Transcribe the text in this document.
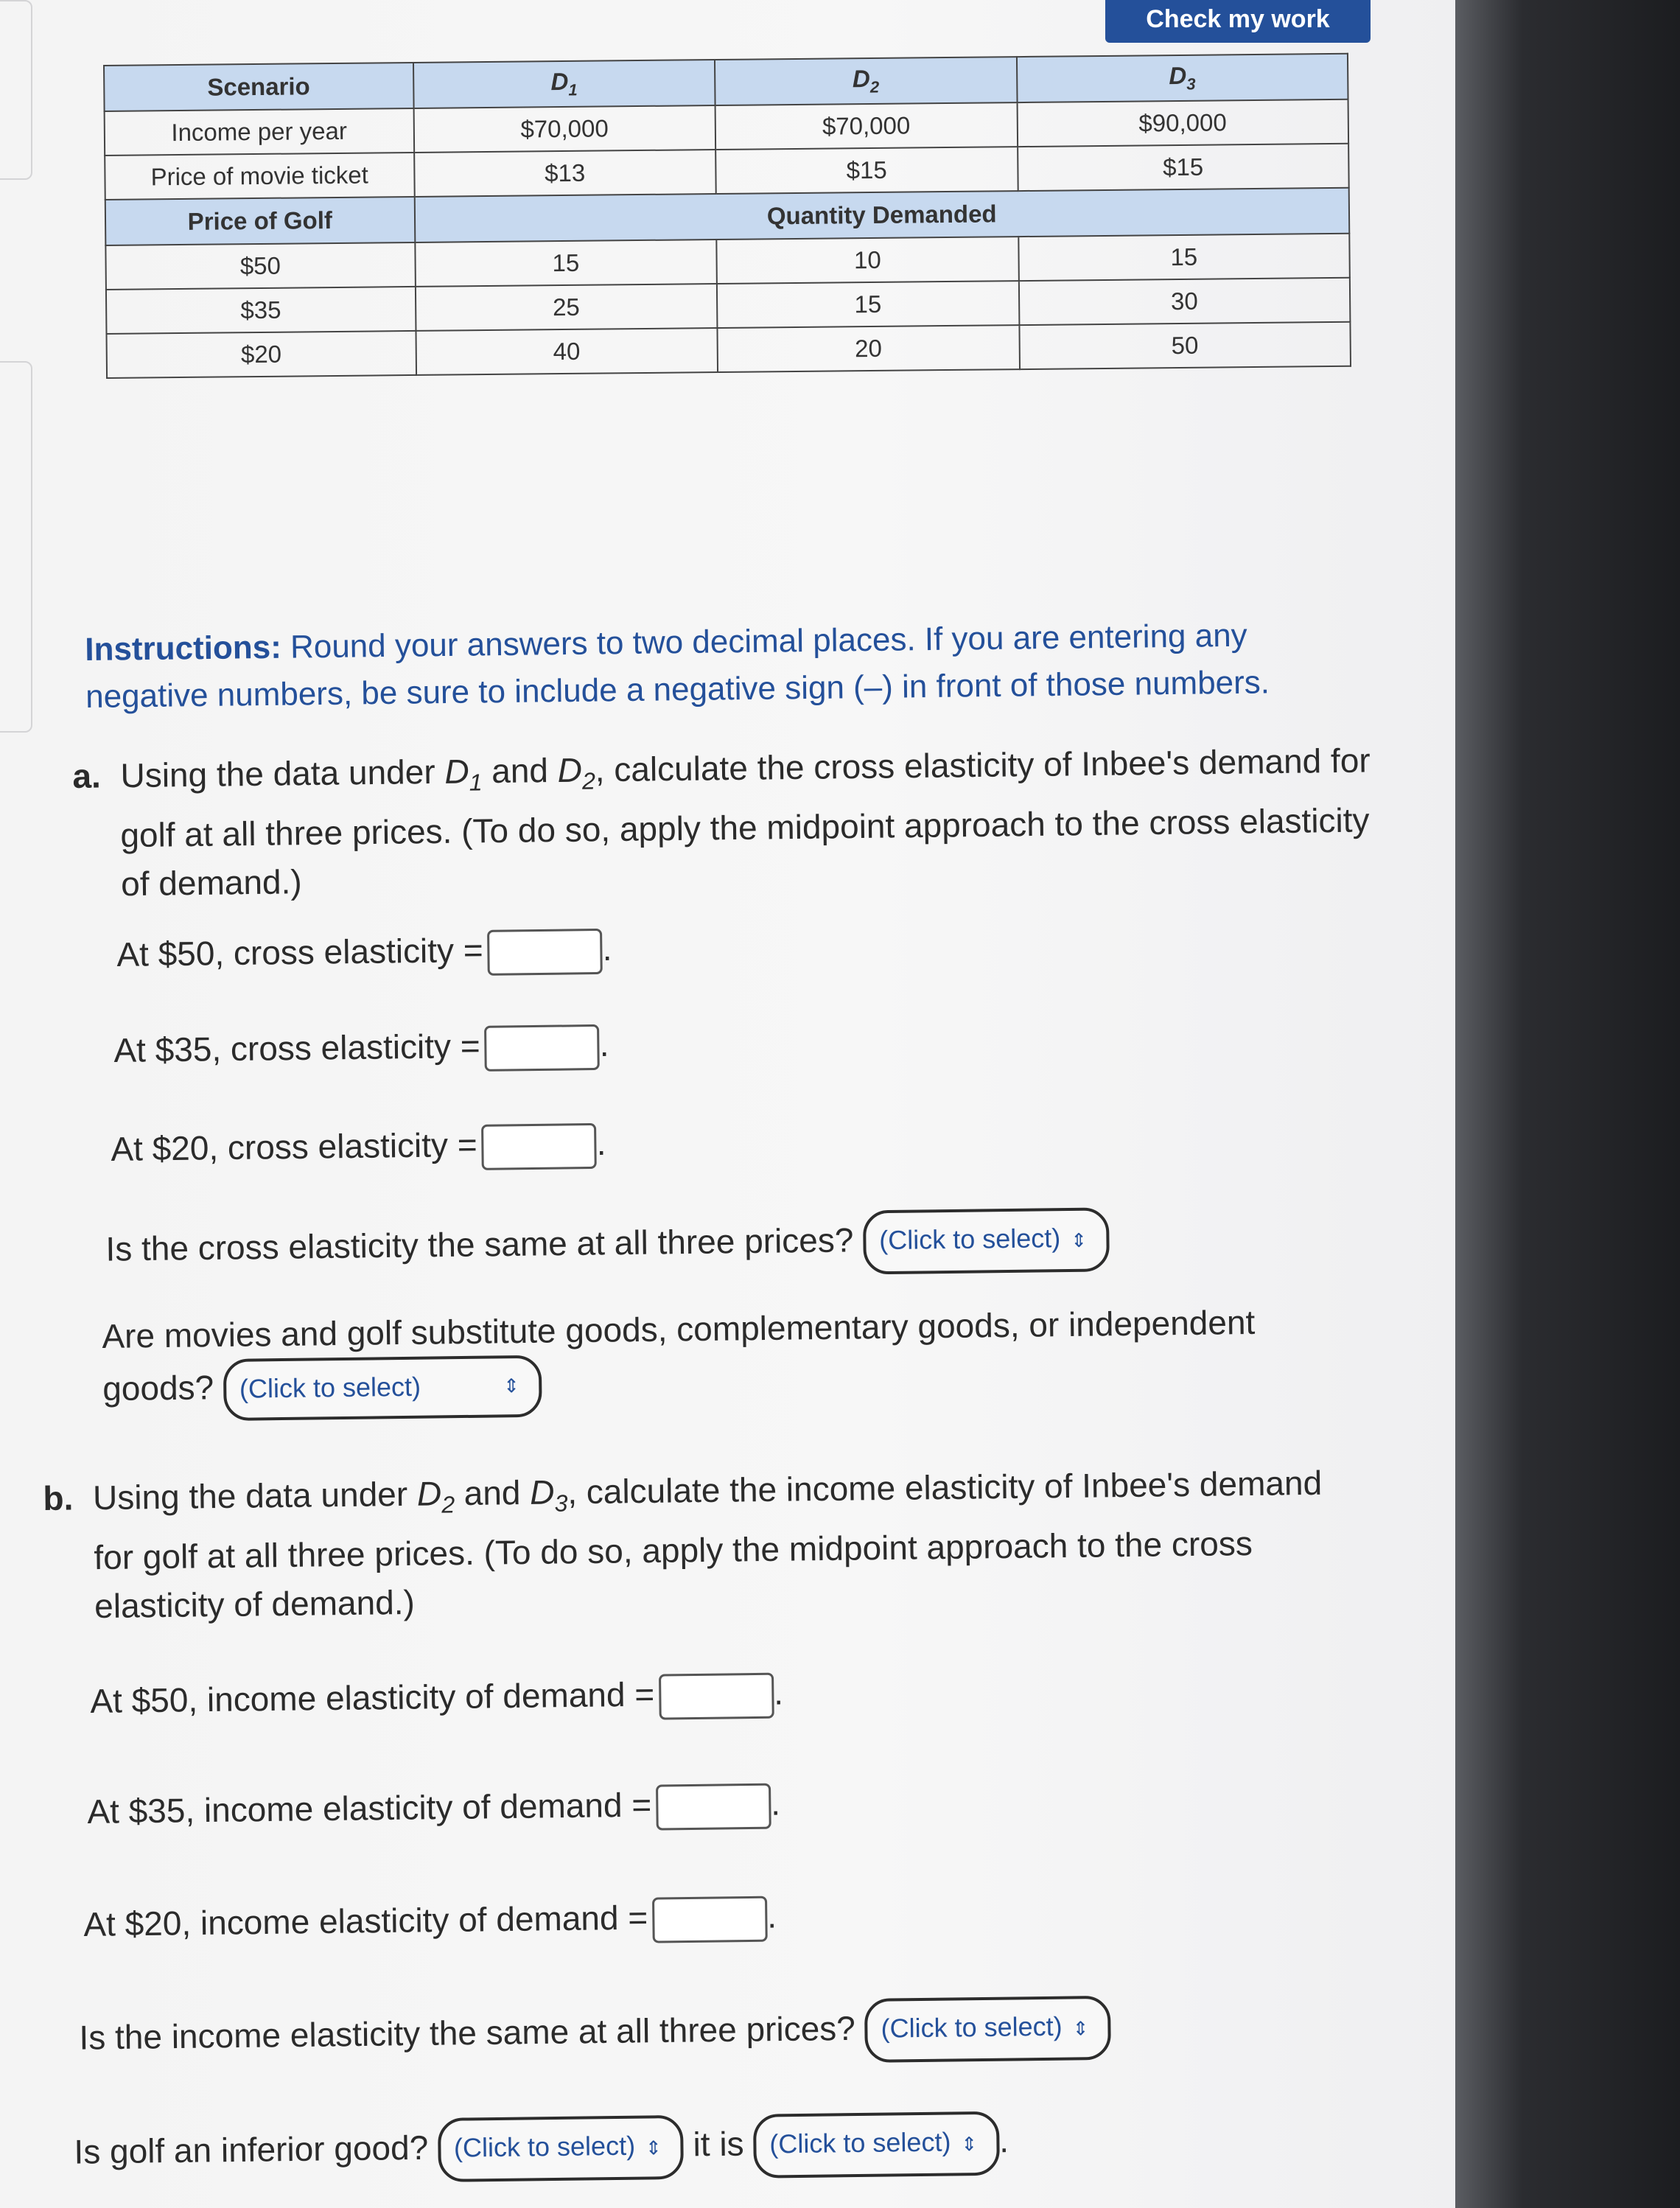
Check my work
Scenario	$D_1$	$D_2$	$D_3$
Income per year	$70,000	$70,000	$90,000
Price of movie ticket	$13	$15	$15
Price of Golf	Quantity Demanded		
$50	15	10	15
$35	25	15	30
$20	40	20	50
Instructions: Round your answers to two decimal places. If you are entering any
negative numbers, be sure to include a negative sign (–) in front of those numbers.
a. Using the data under $D_1$ and $D_2$, calculate the cross elasticity of Inbee's demand for
golf at all three prices. (To do so, apply the midpoint approach to the cross elasticity
of demand.)
At $50, cross elasticity =	.
At $35, cross elasticity =	.
At $20, cross elasticity =	.
Is the cross elasticity the same at all three prices? (Click to select) ⇕
Are movies and golf substitute goods, complementary goods, or independent
goods? (Click to select)	⇕
b. Using the data under $D_2$ and $D_3$, calculate the income elasticity of Inbee's demand
for golf at all three prices. (To do so, apply the midpoint approach to the cross
elasticity of demand.)
At $50, income elasticity of demand =	.
At $35, income elasticity of demand =	.
At $20, income elasticity of demand =	.
Is the income elasticity the same at all three prices? (Click to select) ⇕
Is golf an inferior good? (Click to select) ⇕ it is (Click to select) ⇕ .
